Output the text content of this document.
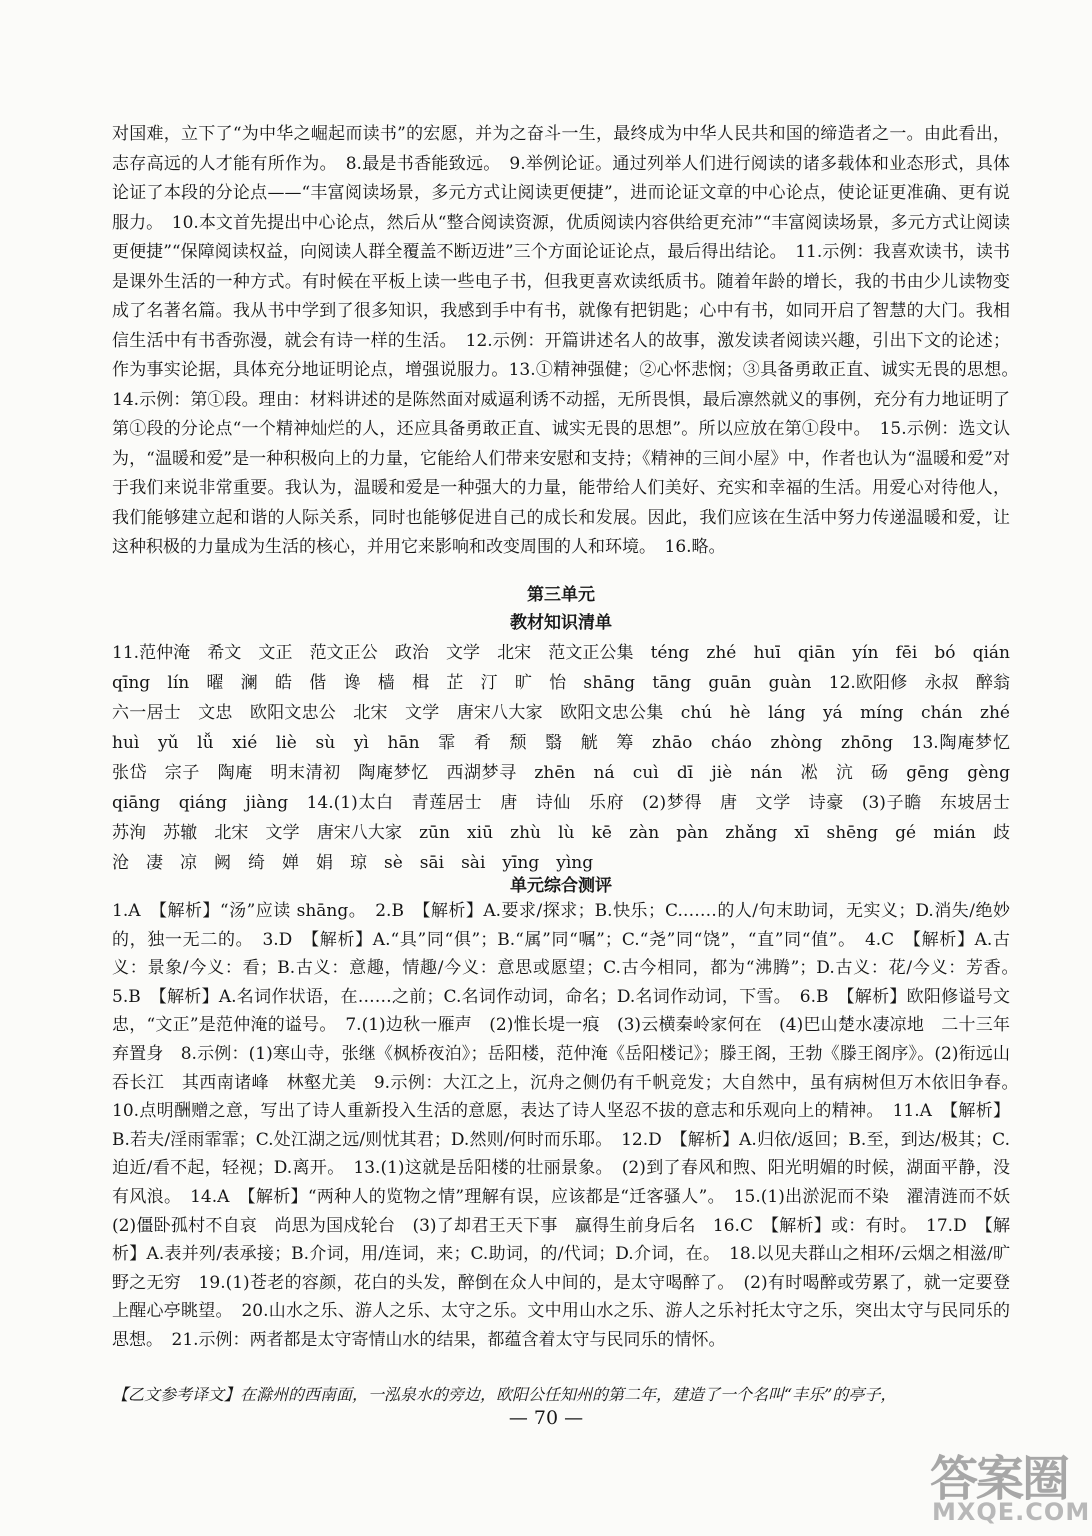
对国难，立下了“为中华之崛起而读书”的宏愿，并为之奋斗一生，最终成为中华人民共和国的缔造者之一。由此看出，志存高远的人才能有所作为。　8.最是书香能致远。　9.举例论证。通过列举人们进行阅读的诸多载体和业态形式，具体论证了本段的分论点——“丰富阅读场景，多元方式让阅读更便捷”，进而论证文章的中心论点，使论证更准确、更有说服力。　10.本文首先提出中心论点，然后从“整合阅读资源，优质阅读内容供给更充沛”“丰富阅读场景，多元方式让阅读更便捷”“保障阅读权益，向阅读人群全覆盖不断迈进”三个方面论证论点，最后得出结论。　11.示例：我喜欢读书，读书是课外生活的一种方式。有时候在平板上读一些电子书，但我更喜欢读纸质书。随着年龄的增长，我的书由少儿读物变成了名著名篇。我从书中学到了很多知识，我感到手中有书，就像有把钥匙；心中有书，如同开启了智慧的大门。我相信生活中有书香弥漫，就会有诗一样的生活。　12.示例：开篇讲述名人的故事，激发读者阅读兴趣，引出下文的论述；作为事实论据，具体充分地证明论点，增强说服力。13.①精神强健；②心怀悲悯；③具备勇敢正直、诚实无畏的思想。　14.示例：第①段。理由：材料讲述的是陈然面对威逼利诱不动摇，无所畏惧，最后凛然就义的事例，充分有力地证明了第①段的分论点“一个精神灿烂的人，还应具备勇敢正直、诚实无畏的思想”。所以应放在第①段中。　15.示例：选文认为，“温暖和爱”是一种积极向上的力量，它能给人们带来安慰和支持；《精神的三间小屋》中，作者也认为“温暖和爱”对于我们来说非常重要。我认为，温暖和爱是一种强大的力量，能带给人们美好、充实和幸福的生活。用爱心对待他人，我们能够建立起和谐的人际关系，同时也能够促进自己的成长和发展。因此，我们应该在生活中努力传递温暖和爱，让这种积极的力量成为生活的核心，并用它来影响和改变周围的人和环境。　16.略。

第三单元

教材知识清单

11.范仲淹　希文　文正　范文正公　政治　文学　北宋　范文正公集　téng　zhé　huī　qiān　yín　fēi　bó　qián　qīng　lín　曜　澜　皓　偕　谗　樯　楫　芷　汀　旷　怡　shāng　tāng　guān　guàn　12.欧阳修　永叔　醉翁　六一居士　文忠　欧阳文忠公　北宋　文学　唐宋八大家　欧阳文忠公集　chú　hè　láng　yá　míng　chán　zhé　huì　yǔ　lǚ　xié　liè　sù　yì　hān　霏　肴　颓　翳　觥　筹　zhāo　cháo　zhòng　zhōng　13.陶庵梦忆　张岱　宗子　陶庵　明末清初　陶庵梦忆　西湖梦寻　zhēn　ná　cuì　dī　jiè　nán　凇　沆　砀　gēng　gèng　qiāng　qiáng　jiàng　14.(1)太白　青莲居士　唐　诗仙　乐府　(2)梦得　唐　文学　诗豪　(3)子瞻　东坡居士　苏洵　苏辙　北宋　文学　唐宋八大家　zūn　xiū　zhù　lù　kē　zàn　pàn　zhǎng　xī　shēng　gé　mián　歧　沧　凄　凉　阙　绮　婵　娟　琼　sè　sāi　sài　yīng　yìng

单元综合测评

1.A　【解析】“汤”应读 shāng。　2.B　【解析】A.要求/探求；B.快乐；C.……的人/句末助词，无实义；D.消失/绝妙的，独一无二的。　3.D　【解析】A.“具”同“俱”；B.“属”同“嘱”；C.“尧”同“饶”，“直”同“值”。　4.C　【解析】A.古义：景象/今义：看；B.古义：意趣，情趣/今义：意思或愿望；C.古今相同，都为“沸腾”；D.古义：花/今义：芳香。　5.B　【解析】A.名词作状语，在……之前；C.名词作动词，命名；D.名词作动词，下雪。　6.B　【解析】欧阳修谥号文忠，“文正”是范仲淹的谥号。　7.(1)边秋一雁声　(2)惟长堤一痕　(3)云横秦岭家何在　(4)巴山楚水凄凉地　二十三年弃置身　8.示例：(1)寒山寺，张继《枫桥夜泊》；岳阳楼，范仲淹《岳阳楼记》；滕王阁，王勃《滕王阁序》。(2)衔远山　吞长江　其西南诸峰　林壑尤美　9.示例：大江之上，沉舟之侧仍有千帆竞发；大自然中，虽有病树但万木依旧争春。　10.点明酬赠之意，写出了诗人重新投入生活的意愿，表达了诗人坚忍不拔的意志和乐观向上的精神。　11.A　【解析】B.若夫/淫雨霏霏；C.处江湖之远/则忧其君；D.然则/何时而乐耶。　12.D　【解析】A.归依/返回；B.至，到达/极其；C.迫近/看不起，轻视；D.离开。　13.(1)这就是岳阳楼的壮丽景象。　(2)到了春风和煦、阳光明媚的时候，湖面平静，没有风浪。　14.A　【解析】“两种人的览物之情”理解有误，应该都是“迁客骚人”。　15.(1)出淤泥而不染　濯清涟而不妖　(2)僵卧孤村不自哀　尚思为国戍轮台　(3)了却君王天下事　赢得生前身后名　16.C　【解析】或：有时。　17.D　【解析】A.表并列/表承接；B.介词，用/连词，来；C.助词，的/代词；D.介词，在。　18.以见夫群山之相环/云烟之相滋/旷野之无穷　19.(1)苍老的容颜，花白的头发，醉倒在众人中间的，是太守喝醉了。　(2)有时喝醉或劳累了，就一定要登上醒心亭眺望。　20.山水之乐、游人之乐、太守之乐。文中用山水之乐、游人之乐衬托太守之乐，突出太守与民同乐的思想。　21.示例：两者都是太守寄情山水的结果，都蕴含着太守与民同乐的情怀。

【乙文参考译文】在滁州的西南面，一泓泉水的旁边，欧阳公任知州的第二年，建造了一个名叫“丰乐”的亭子，

— 70 —
答案圈
MXQE.COM
